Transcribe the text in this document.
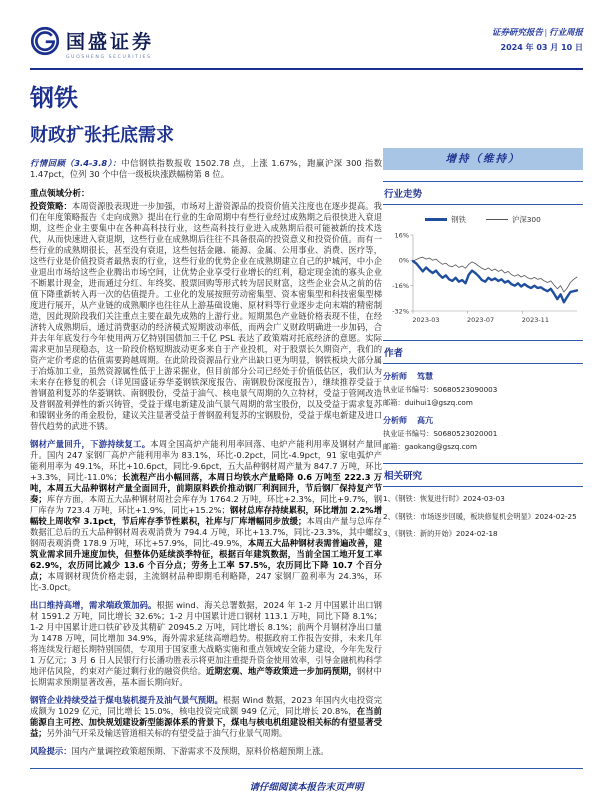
国盛证券
GUOSHENG SECURITIES
证券研究报告 | 行业周报
2024 年 03 月 10 日
钢铁
财政扩张托底需求

行情回顾（3.4-3.8）：中信钢铁指数报收 1502.78 点，上涨 1.67%，跑赢沪深 300 指数 1.47pct，位列 30 个中信一级板块涨跌幅榜第 8 位。

重点领域分析：

投资策略：本周资源股表现进一步加强，市场对上游资源品的投资价值关注度也在逐步提高。我们在年度策略报告《走向成熟》提出在行业的生命周期中有些行业经过成熟期之后很快进入衰退期，这些企业主要集中在各种高科技行业，这些高科技行业进入成熟期后很可能被新的技术迭代，从而快速进入衰退期，这些行业在成熟期后往往不具备很高的投资意义和投资价值。而有一些行业的成熟期很长，甚至没有衰退，这些包括金融、能源、金属、公用事业、消费、医疗等，这些行业是价值投资者最热衷的行业，这些行业的优势企业在成熟期建立自己的护城河，中小企业退出市场给这些企业腾出市场空间，让优势企业享受行业增长的红利，稳定现金流的寡头企业不断累计现金，进而通过分红、年终奖、股票回购等形式转为居民财富，这些企业会从之前的估值下降重新转入再一次的估值提升。工业化的发展按照劳动密集型、资本密集型和科技密集型梯度进行展开，从产业链的成熟顺序也往往从上游基础设施、原材料等行业逐步走向末端的精密制造，因此现阶段我们关注重点主要在最先成熟的上游行业。短期黑色产业链价格表现不佳，在经济转入成熟期后，通过消费驱动的经济模式短期波动率低，而两会广义财政明确进一步加码，合并去年年底发行今年使用两万亿特别国债加三千亿 PSL 表达了政策端对托底经济的意愿。实际需求更加呈现稳态，这一阶段价格短期波动更多来自于产业投机，对于股票长久期资产，我们的资产定价考虑的估值需要跨越周期。在此阶段资源品行业产出缺口更为明显，钢铁板块大部分属于冶炼加工业，虽然资源属性低于上游采掘业，但目前部分公司已经处于价值低估区，我们认为未来存在修复的机会（详见国盛证券华菱钢铁深度报告、南钢股份深度报告），继续推荐受益于普钢盈利复苏的华菱钢铁、南钢股份，受益于油气、核电景气周期的久立特材，受益于管网改造及普钢盈利弹性的新兴铸管，受益于煤电新建及油气景气周期的常宝股份，以及受益于需求复苏和镍钢业务的甬金股份，建议关注显著受益于普钢盈利复苏的宝钢股份，受益于煤电新建及进口替代趋势的武进不锈。

钢材产量回升，下游持续复工。本周全国高炉产能利用率回落、电炉产能利用率及钢材产量回升。国内 247 家钢厂高炉产能利用率为 83.1%，环比-0.2pct，同比-4.9pct，91 家电弧炉产能利用率为 49.1%，环比+10.6pct，同比-9.6pct，五大品种钢材周产量为 847.7 万吨，环比+3.3%，同比-11.0%；长流程产出小幅回落，本周日均铁水产量略降 0.6 万吨至 222.3 万吨，本周五大品种钢材产量全面回升，前期原料跌价推动钢厂利润回升，节后钢厂保持复产节奏；库存方面，本周五大品种钢材周社会库存为 1764.2 万吨，环比+2.3%，同比+9.7%，钢厂库存为 723.4 万吨，环比+1.9%，同比+15.2%；钢材总库存持续累积，环比增加 2.2%增幅较上周收窄 3.1pct，节后库存季节性累积，社库与厂库增幅同步放缓；本周由产量与总库存数据汇总后的五大品种钢材周表观消费为 794.4 万吨，环比+13.7%，同比-23.3%，其中螺纹钢周表观消费 178.9 万吨，环比+57.9%，同比-49.9%，本周五大品种钢材表需普遍改善，建筑业需求回升速度加快，但整体仍延续淡季特征，根据百年建筑数据，当前全国工地开复工率 62.9%，农历同比减少 13.6 个百分点；劳务上工率 57.5%，农历同比下降 10.7 个百分点；本周钢材现货价格走弱，主流钢材品种即期毛利略降，247 家钢厂盈利率为 24.3%，环比-3.0pct。

出口维持高增，需求端政策加码。根据 wind、海关总署数据，2024 年 1-2 月中国累计出口钢材 1591.2 万吨，同比增长 32.6%；1-2 月中国累计进口钢材 113.1 万吨，同比下降 8.1%；1-2 月中国累计进口铁矿砂及其精矿 20945.2 万吨，同比增长 8.1%；前两个月钢材净出口量为 1478 万吨，同比增加 34.9%，海外需求延续高增趋势。根据政府工作报告安排，未来几年将连续发行超长期特别国债，专项用于国家重大战略实施和重点领域安全能力建设，今年先发行 1 万亿元；3 月 6 日人民银行行长潘功胜表示将更加注重提升资金使用效率，引导金融机构科学地评估风险，约束对产能过剩行业的融资供给。近期宏观、地产等政策进一步加码预期，钢材中长期需求预期显著改善，基本面长期向好。

钢管企业持续受益于煤电装机提升及油气景气预期。根据 Wind 数据，2023 年国内火电投资完成额为 1029 亿元，同比增长 15.0%，核电投资完成额 949 亿元，同比增长 20.8%，在当前能源自主可控、加快规划建设新型能源体系的背景下，煤电与核电机组建设相关标的有望显著受益；另外油气开采及输送管道相关标的有望受益于油气行业景气周期。

风险提示：国内产量调控政策超预期、下游需求不及预期，原料价格超预期上涨。

增持（维持）
行业走势
钢铁	沪深300
16%
0%
-16%
-32%
2023-03	2023-07	2023-11
作者
分析师 笃慧
执业证书编号：S0680523090003
邮箱：duihui1@gszq.com
分析师 高亢
执业证书编号：S0680523020001
邮箱：gaokang@gszq.com
相关研究
1、《钢铁：恢复进行时》2024-03-03
2、《钢铁：市场逐步回暖，板块修复机会明显》2024-02-25
3、《钢铁：新的开始》2024-02-18
请仔细阅读本报告末页声明
